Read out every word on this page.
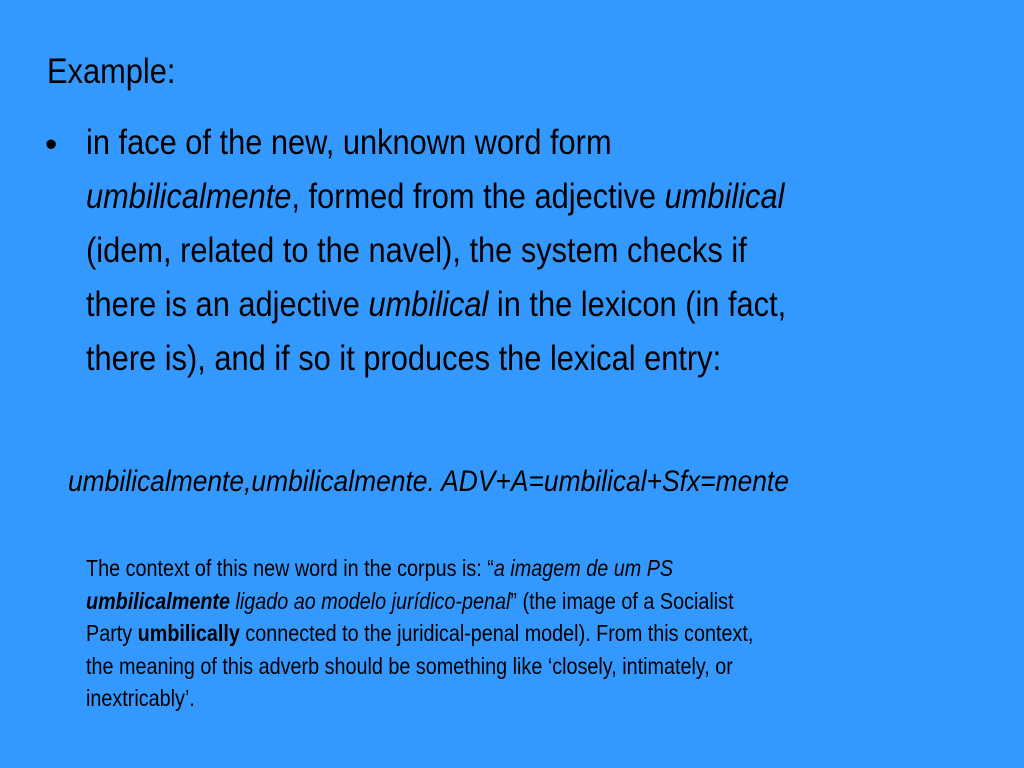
Example:
• in face of the new, unknown word form
umbilicalmente, formed from the adjective umbilical
(idem, related to the navel), the system checks if
there is an adjective umbilical in the lexicon (in fact,
there is), and if so it produces the lexical entry:
umbilicalmente,umbilicalmente. ADV+A=umbilical+Sfx=mente
The context of this new word in the corpus is: “a imagem de um PS
umbilicalmente ligado ao modelo jurídico-penal” (the image of a Socialist
Party umbilically connected to the juridical-penal model). From this context,
the meaning of this adverb should be something like ‘closely, intimately, or
inextricably’.
